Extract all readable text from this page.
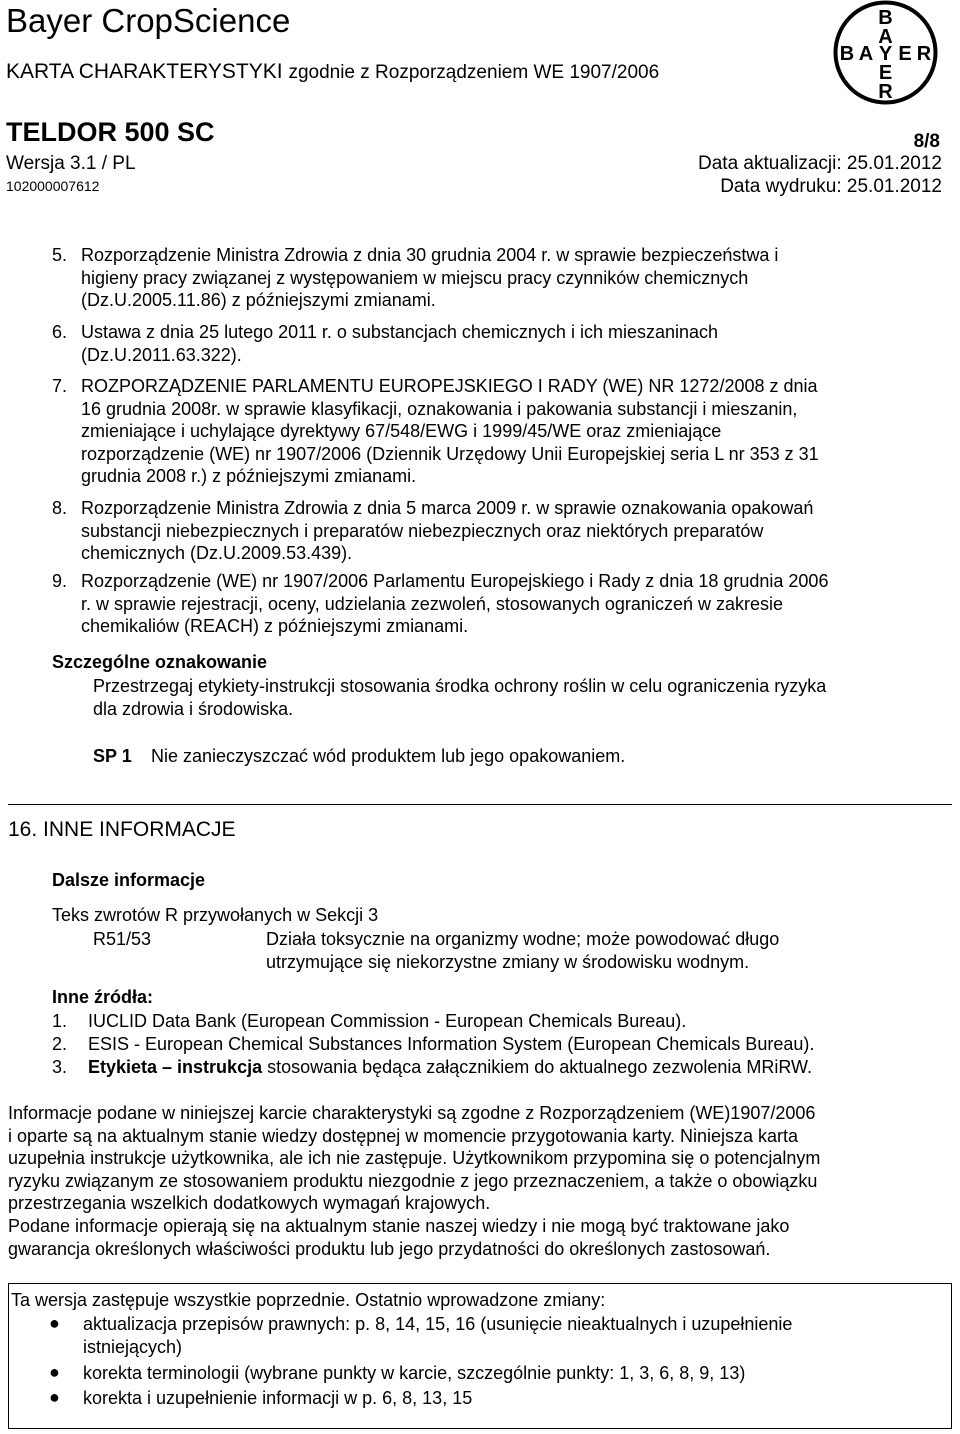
Bayer CropScience

KARTA CHARAKTERYSTYKI zgodnie z Rozporządzeniem WE 1907/2006

TELDOR 500 SC

Wersja 3.1 / PL

102000007612

8/8

Data aktualizacji: 25.01.2012

Data wydruku: 25.01.2012

B
A
B A Y E R
E
R
5. Rozporządzenie Ministra Zdrowia z dnia 30 grudnia 2004 r. w sprawie bezpieczeństwa i
higieny pracy związanej z występowaniem w miejscu pracy czynników chemicznych
(Dz.U.2005.11.86) z późniejszymi zmianami.
6. Ustawa z dnia 25 lutego 2011 r. o substancjach chemicznych i ich mieszaninach
(Dz.U.2011.63.322).
7. ROZPORZĄDZENIE PARLAMENTU EUROPEJSKIEGO I RADY (WE) NR 1272/2008 z dnia
16 grudnia 2008r. w sprawie klasyfikacji, oznakowania i pakowania substancji i mieszanin,
zmieniające i uchylające dyrektywy 67/548/EWG i 1999/45/WE oraz zmieniające
rozporządzenie (WE) nr 1907/2006 (Dziennik Urzędowy Unii Europejskiej seria L nr 353 z 31
grudnia 2008 r.) z późniejszymi zmianami.
8. Rozporządzenie Ministra Zdrowia z dnia 5 marca 2009 r. w sprawie oznakowania opakowań
substancji niebezpiecznych i preparatów niebezpiecznych oraz niektórych preparatów
chemicznych (Dz.U.2009.53.439).
9. Rozporządzenie (WE) nr 1907/2006 Parlamentu Europejskiego i Rady z dnia 18 grudnia 2006
r. w sprawie rejestracji, oceny, udzielania zezwoleń, stosowanych ograniczeń w zakresie
chemikaliów (REACH) z późniejszymi zmianami.

Szczególne oznakowanie

Przestrzegaj etykiety-instrukcji stosowania środka ochrony roślin w celu ograniczenia ryzyka
dla zdrowia i środowiska.

SP 1 Nie zanieczyszczać wód produktem lub jego opakowaniem.

16. INNE INFORMACJE

Dalsze informacje

Teks zwrotów R przywołanych w Sekcji 3

R51/53	Działa toksycznie na organizmy wodne; może powodować długo
utrzymujące się niekorzystne zmiany w środowisku wodnym.

Inne źródła:

1. IUCLID Data Bank (European Commission - European Chemicals Bureau).
2. ESIS - European Chemical Substances Information System (European Chemicals Bureau).
3. Etykieta – instrukcja stosowania będąca załącznikiem do aktualnego zezwolenia MRiRW.
Informacje podane w niniejszej karcie charakterystyki są zgodne z Rozporządzeniem (WE)1907/2006
i oparte są na aktualnym stanie wiedzy dostępnej w momencie przygotowania karty. Niniejsza karta
uzupełnia instrukcje użytkownika, ale ich nie zastępuje. Użytkownikom przypomina się o potencjalnym
ryzyku związanym ze stosowaniem produktu niezgodnie z jego przeznaczeniem, a także o obowiązku
przestrzegania wszelkich dodatkowych wymagań krajowych.
Podane informacje opierają się na aktualnym stanie naszej wiedzy i nie mogą być traktowane jako
gwarancja określonych właściwości produktu lub jego przydatności do określonych zastosowań.

Ta wersja zastępuje wszystkie poprzednie. Ostatnio wprowadzone zmiany:

● aktualizacja przepisów prawnych: p. 8, 14, 15, 16 (usunięcie nieaktualnych i uzupełnienie
istniejących)
● korekta terminologii (wybrane punkty w karcie, szczególnie punkty: 1, 3, 6, 8, 9, 13)
● korekta i uzupełnienie informacji w p. 6, 8, 13, 15
